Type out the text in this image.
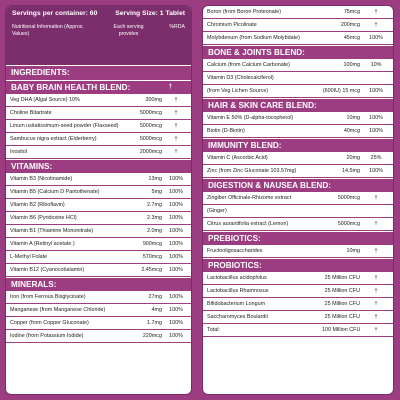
Servings per container: 60	Serving Size: 1 Tablet
Nutritional Information (Approx. Values)
Each serving provides
%RDA
INGREDIENTS:
BABY BRAIN HEALTH BLEND:	†
Veg DHA (Algal Source) 10%	300mg	†
Choline Bitartrate	5000mcg	†
Linum usitatissimum-seed powder (Flaxseed)	5000mcg	†
Sambucus nigra extract (Elderberry)	5000mcg	†
Inositol	2000mcg	†
VITAMINS:
Vitamin B3 (Nicotinamide)	13mg	100%
Vitamin B5 (Calcium D Pantothenate)	5mg	100%
Vitamin B2 (Riboflavin)	2.7mg	100%
Vitamin B6 (Pyridoxine HCl)	2.3mg	100%
Vitamin B1 (Thiamine Mononitrate)	2.0mg	100%
Vitamin A (Retinyl acetate )	900mcg	100%
L-Methyl Folate	570mcg	100%
Vitamin B12 (Cyanocobalamin)	2.45mcg	100%
MINERALS:
Iron (from Ferrous Bisglycinate)	27mg	100%
Manganese (from Manganese Chloride)	4mg	100%
Copper (from Copper Gluconate)	1.7mg	100%
Iodine (from Potassium Iodide)	220mcg	100%
Boron (from Boron Proteonate)	75mcg	†
Chromium Picolinate	200mcg	†
Molybdenum (from Sodium Molybdate)	45mcg	100%
BONE & JOINTS BLEND:
Calcium (from Calcium Carbonate)	100mg	10%
Vitamin D3 (Cholecalciferol)
(from Veg Lichen Source)	(600IU) 15 mcg	100%
HAIR & SKIN CARE BLEND:
Vitamin E 50% (D-alpha-tocopherol)	10mg	100%
Biotin (D-Biotin)	40mcg	100%
IMMUNITY BLEND:
Vitamin C (Ascorbic Acid)	20mg	25%
Zinc (from Zinc Gluconate 103.57mg)	14.5mg	100%
DIGESTION & NAUSEA BLEND:
Zingiber Officinale-Rhizome extract	5000mcg	†
(Ginger)
Citrus aurantifolia extract (Lemon)	5000mcg	†
PREBIOTICS:
Fructooligosaccharides	10mg	†
PROBIOTICS:
Lactobacillus acidophilus	25 Million CFU	†
Lactobacillus Rhamnosus	25 Million CFU	†
Bifidobacterium Longum	25 Million CFU	†
Saccharomyces Boulardii	25 Million CFU	†
Total:	100 Million CFU	†
